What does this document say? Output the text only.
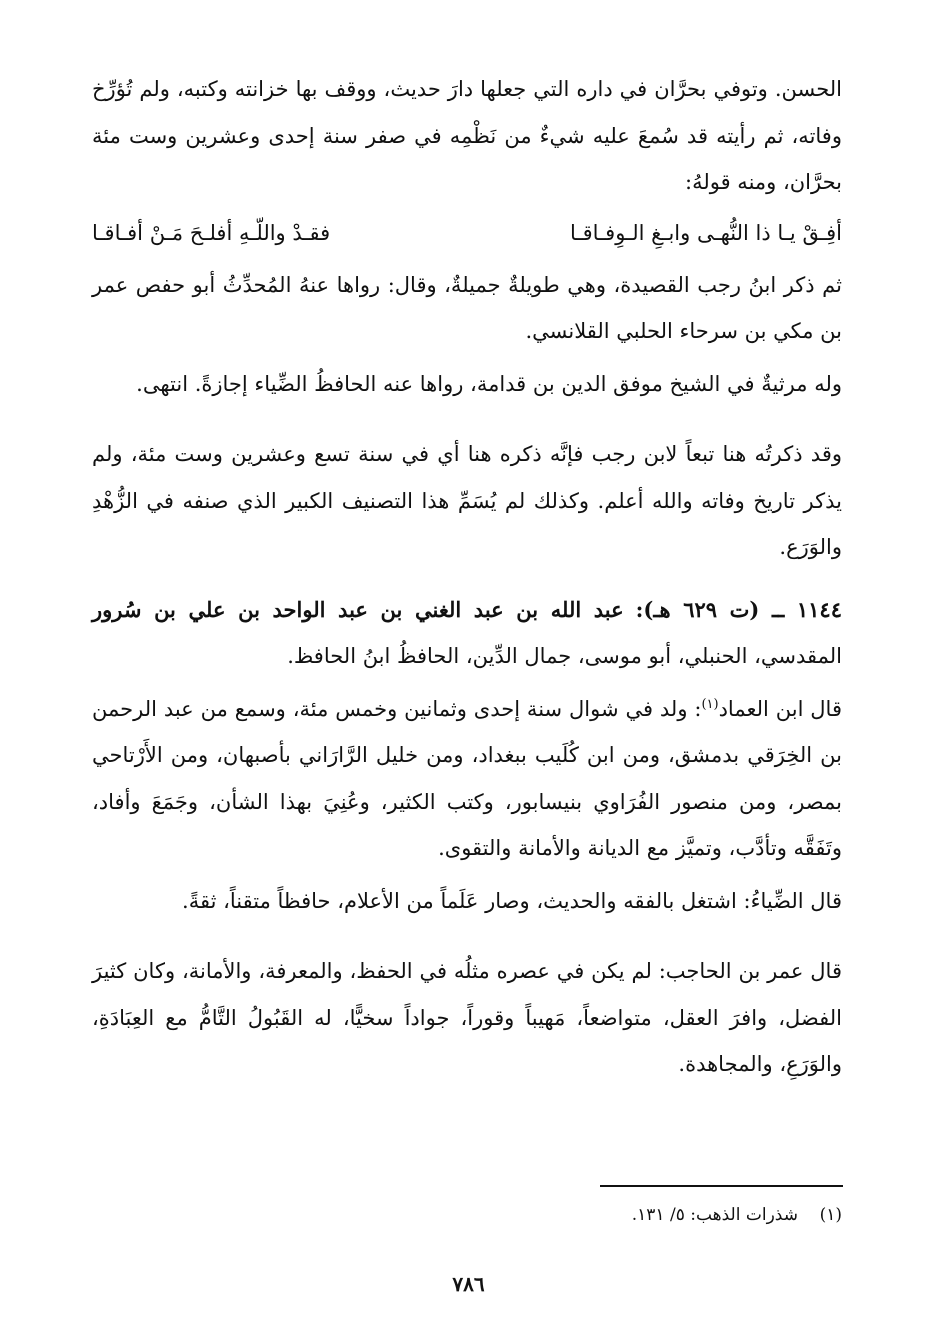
الحسن. وتوفي بحرَّان في داره التي جعلها دارَ حديث، ووقف بها خزانته وكتبه، ولم تُؤرِّخ وفاته، ثم رأيته قد سُمعَ عليه شيءٌ من نَظْمِه في صفر سنة إحدى وعشرين وست مئة بحرَّان، ومنه قولهُ:

أفِـقْ يـا ذا النُّهـى وابـغِ الـوِفـاقـا
فقـدْ واللّـهِ أفلـحَ مَـنْ أفـاقـا

ثم ذكر ابنُ رجب القصيدة، وهي طويلةٌ جميلةٌ، وقال: رواها عنهُ المُحدِّثُ أبو حفص عمر بن مكي بن سرحاء الحلبي القلانسي.

وله مرثيةٌ في الشيخ موفق الدين بن قدامة، رواها عنه الحافظُ الضِّياء إجازةً. انتهى.

وقد ذكرتُه هنا تبعاً لابن رجب فإنَّه ذكره هنا أي في سنة تسع وعشرين وست مئة، ولم يذكر تاريخ وفاته والله أعلم. وكذلك لم يُسَمِّ هذا التصنيف الكبير الذي صنفه في الزُّهْدِ والوَرَع.

١١٤٤ ــ (ت ٦٢٩ هـ): عبد الله بن عبد الغني بن عبد الواحد بن علي بن سُرور المقدسي، الحنبلي، أبو موسى، جمال الدِّين، الحافظُ ابنُ الحافظ.

قال ابن العماد$^{(١)}$: ولد في شوال سنة إحدى وثمانين وخمس مئة، وسمع من عبد الرحمن بن الخِرَقي بدمشق، ومن ابن كُلَيب ببغداد، ومن خليل الرَّارَاني بأصبهان، ومن الأَرْتاحي بمصر، ومن منصور الفُرَاوي بنيسابور، وكتب الكثير، وعُنِيَ بهذا الشأن، وجَمَعَ وأفاد، وتَفَقَّه وتأدَّب، وتميَّز مع الديانة والأمانة والتقوى.

قال الضِّياءُ: اشتغل بالفقه والحديث، وصار عَلَماً من الأعلام، حافظاً متقناً، ثقةً.

قال عمر بن الحاجب: لم يكن في عصره مثلُه في الحفظ، والمعرفة، والأمانة، وكان كثيرَ الفضل، وافرَ العقل، متواضعاً، مَهيباً وقوراً، جواداً سخيًّا، له القَبُولُ التَّامُّ مع العِبَادَةِ، والوَرَعِ، والمجاهدة.

(١)    شذرات الذهب: ٥/ ١٣١.
٧٨٦
